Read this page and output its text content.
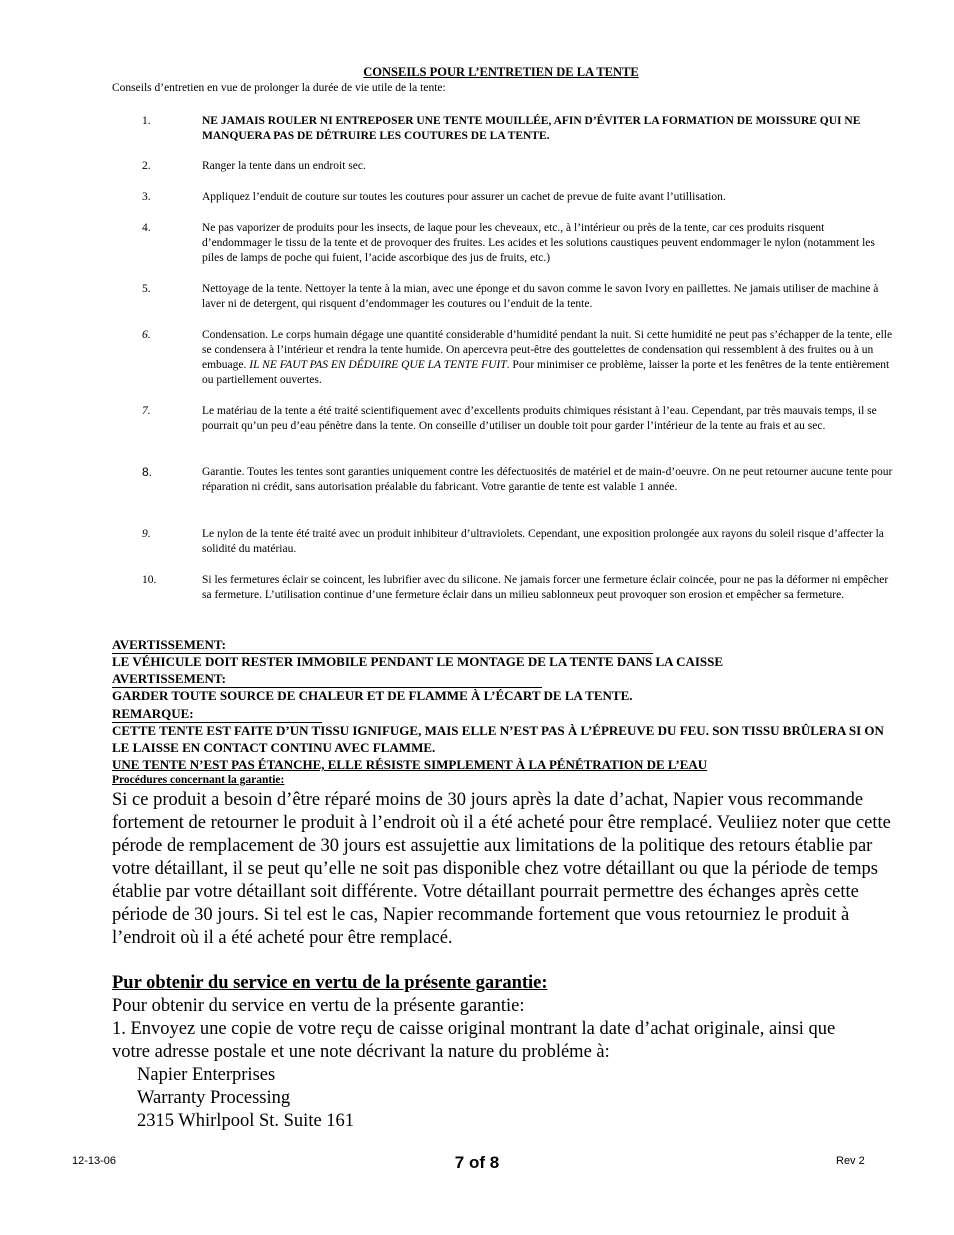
CONSEILS POUR L’ENTRETIEN DE LA TENTE
Conseils d’entretien en vue de prolonger la durée de vie utile de la tente:
1.	NE JAMAIS ROULER NI ENTREPOSER UNE TENTE MOUILLÉE, AFIN D’ÉVITER LA FORMATION DE MOISSURE QUI NE MANQUERA PAS DE DÉTRUIRE LES COUTURES DE LA TENTE.
2.	Ranger la tente dans un endroit sec.
3.	Appliquez l’enduit de couture sur toutes les coutures pour assurer un cachet de prevue de fuite avant l’utillisation.
4.	Ne pas vaporizer de produits pour les insects, de laque pour les cheveaux, etc., à l’intérieur ou près de la tente, car ces produits risquent d’endommager le tissu de la tente et de provoquer des fruites. Les acides et les solutions caustiques peuvent endommager le nylon (notamment les piles de lamps de poche qui fuient, l’acide ascorbique des jus de fruits, etc.)
5.	Nettoyage de la tente. Nettoyer la tente à la mian, avec une éponge et du savon comme le savon Ivory en paillettes. Ne jamais utiliser de machine à laver ni de detergent, qui risquent d’endommager les coutures ou l’enduit de la tente.
6.	Condensation. Le corps humain dégage une quantité considerable d’humidité pendant la nuit. Si cette humidité ne peut pas s’échapper de la tente, elle se condensera à l’intérieur et rendra la tente humide. On apercevra peut-être des gouttelettes de condensation qui ressemblent à des fruites ou à un embuage. IL NE FAUT PAS EN DÉDUIRE QUE LA TENTE FUIT. Pour minimiser ce problème, laisser la porte et les fenêtres de la tente entièrement ou partiellement ouvertes.
7.	Le matériau de la tente a été traité scientifiquement avec d’excellents produits chimiques résistant à l’eau. Cependant, par très mauvais temps, il se pourrait qu’un peu d’eau pénètre dans la tente. On conseille d’utiliser un double toit pour garder l’intérieur de la tente au frais et au sec.
8.	Garantie. Toutes les tentes sont garanties uniquement contre les défectuosités de matériel et de main-d’oeuvre. On ne peut retourner aucune tente pour réparation ni crédit, sans autorisation préalable du fabricant. Votre garantie de tente est valable 1 année.
9.	Le nylon de la tente été traité avec un produit inhibiteur d’ultraviolets. Cependant, une exposition prolongée aux rayons du soleil risque d’affecter la solidité du matériau.
10.	Si les fermetures éclair se coincent, les lubrifier avec du silicone. Ne jamais forcer une fermeture éclair coincée, pour ne pas la déformer ni empêcher sa fermeture. L’utilisation continue d’une fermeture éclair dans un milieu sablonneux peut provoquer son erosion et empêcher sa fermeture.
AVERTISSEMENT:
LE VÉHICULE DOIT RESTER IMMOBILE PENDANT LE MONTAGE DE LA TENTE DANS LA CAISSE
AVERTISSEMENT:
GARDER TOUTE SOURCE DE CHALEUR ET DE FLAMME À L’ÉCART DE LA TENTE.
REMARQUE:
CETTE TENTE EST FAITE D’UN TISSU IGNIFUGE, MAIS ELLE N’EST PAS À L’ÉPREUVE DU FEU. SON TISSU BRÛLERA SI ON LE LAISSE EN CONTACT CONTINU AVEC FLAMME.
UNE TENTE N’EST PAS ÉTANCHE, ELLE RÉSISTE SIMPLEMENT À LA PÉNÉTRATION DE L’EAU
Procédures concernant la garantie:
Si ce produit a besoin d’être réparé moins de 30 jours après la date d’achat, Napier vous recommande fortement de retourner le produit à l’endroit où il a été acheté pour être remplacé. Veuliiez noter que cette pérode de remplacement de 30 jours est assujettie aux limitations de la politique des retours établie par votre détaillant, il se peut qu’elle ne soit pas disponible chez votre détaillant ou que la période de temps établie par votre détaillant soit différente. Votre détaillant pourrait permettre des échanges après cette période de 30 jours. Si tel est le cas, Napier recommande fortement que vous retourniez le produit à l’endroit où il a été acheté pour être remplacé.
Pur obtenir du service en vertu de la présente garantie:
Pour obtenir du service en vertu de la présente garantie:
1. Envoyez une copie de votre reçu de caisse original montrant la date d’achat originale, ainsi que votre adresse postale et une note décrivant la nature du probléme à:
Napier Enterprises
Warranty Processing
2315 Whirlpool St. Suite 161
12-13-06	7 of 8	Rev 2
